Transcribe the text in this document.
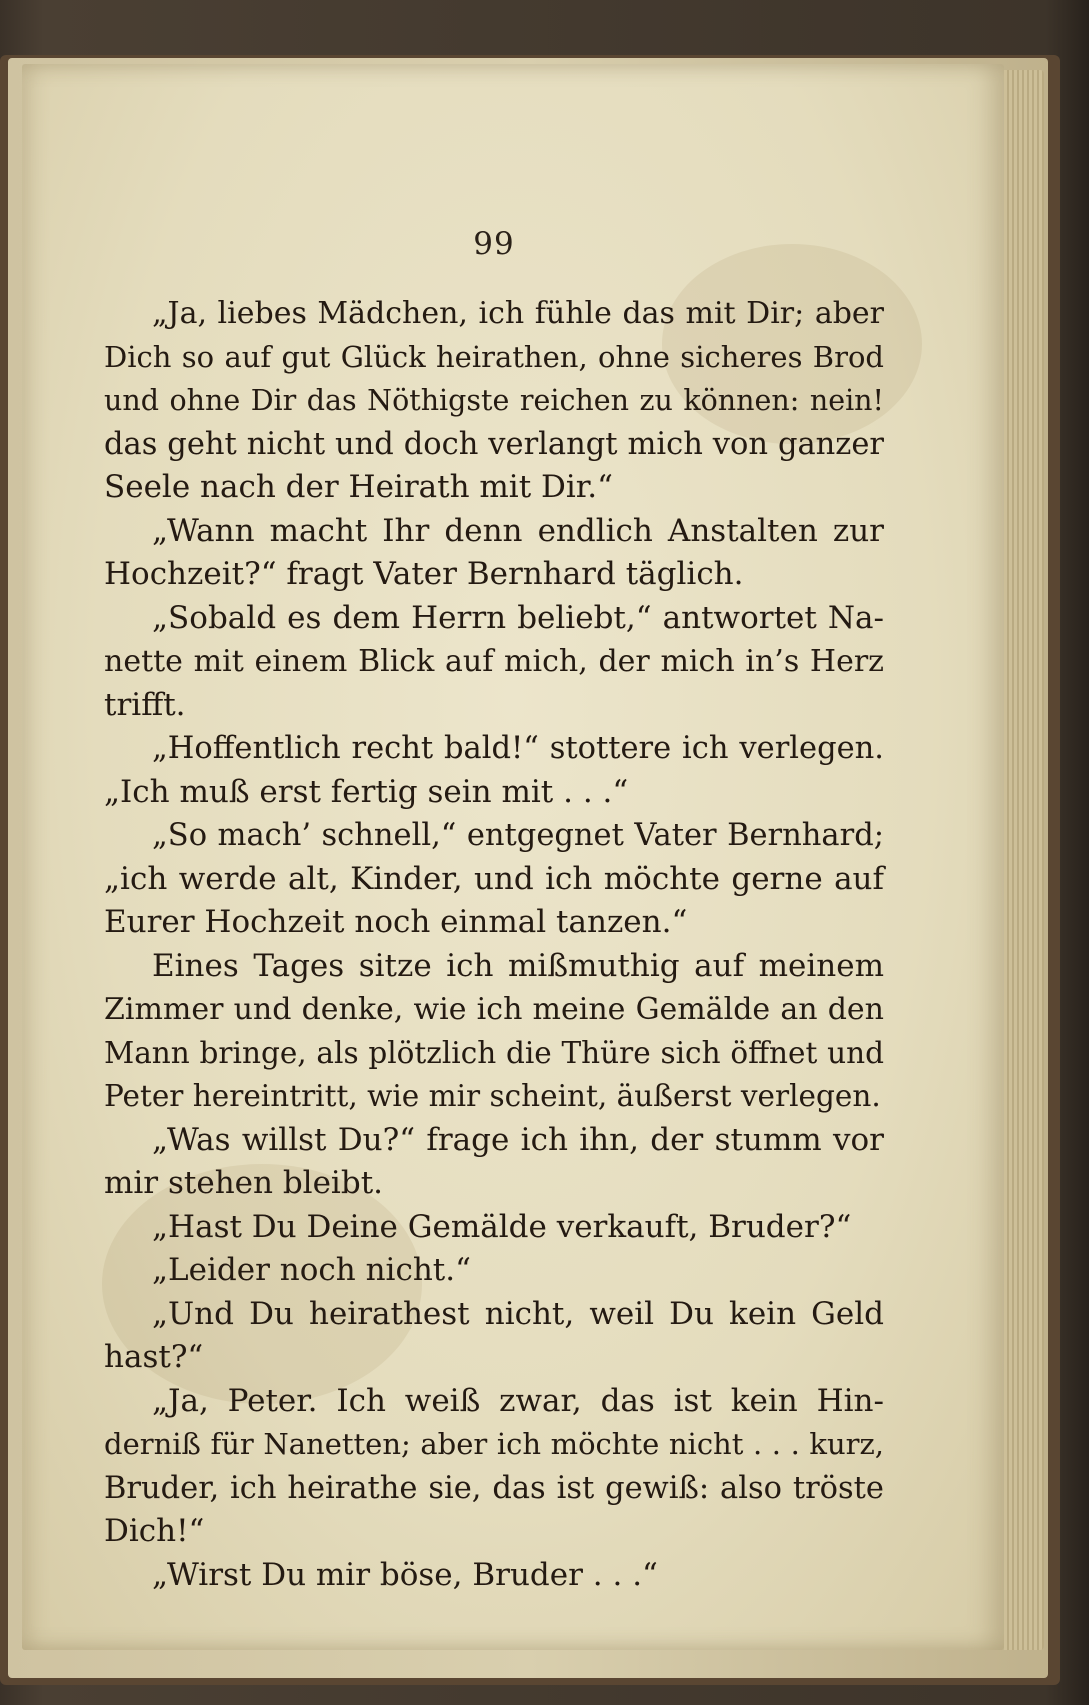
99
„Ja, liebes Mädchen, ich fühle das mit Dir; aber
Dich so auf gut Glück heirathen, ohne sicheres Brod
und ohne Dir das Nöthigste reichen zu können: nein!
das geht nicht und doch verlangt mich von ganzer
Seele nach der Heirath mit Dir.“
„Wann macht Ihr denn endlich Anstalten zur
Hochzeit?“ fragt Vater Bernhard täglich.
„Sobald es dem Herrn beliebt,“ antwortet Na-
nette mit einem Blick auf mich, der mich in’s Herz
trifft.
„Hoffentlich recht bald!“ stottere ich verlegen.
„Ich muß erst fertig sein mit . . .“
„So mach’ schnell,“ entgegnet Vater Bernhard;
„ich werde alt, Kinder, und ich möchte gerne auf
Eurer Hochzeit noch einmal tanzen.“
Eines Tages sitze ich mißmuthig auf meinem
Zimmer und denke, wie ich meine Gemälde an den
Mann bringe, als plötzlich die Thüre sich öffnet und
Peter hereintritt, wie mir scheint, äußerst verlegen.
„Was willst Du?“ frage ich ihn, der stumm vor
mir stehen bleibt.
„Hast Du Deine Gemälde verkauft, Bruder?“
„Leider noch nicht.“
„Und Du heirathest nicht, weil Du kein Geld
hast?“
„Ja, Peter. Ich weiß zwar, das ist kein Hin-
derniß für Nanetten; aber ich möchte nicht . . . kurz,
Bruder, ich heirathe sie, das ist gewiß: also tröste
Dich!“
„Wirst Du mir böse, Bruder . . .“
